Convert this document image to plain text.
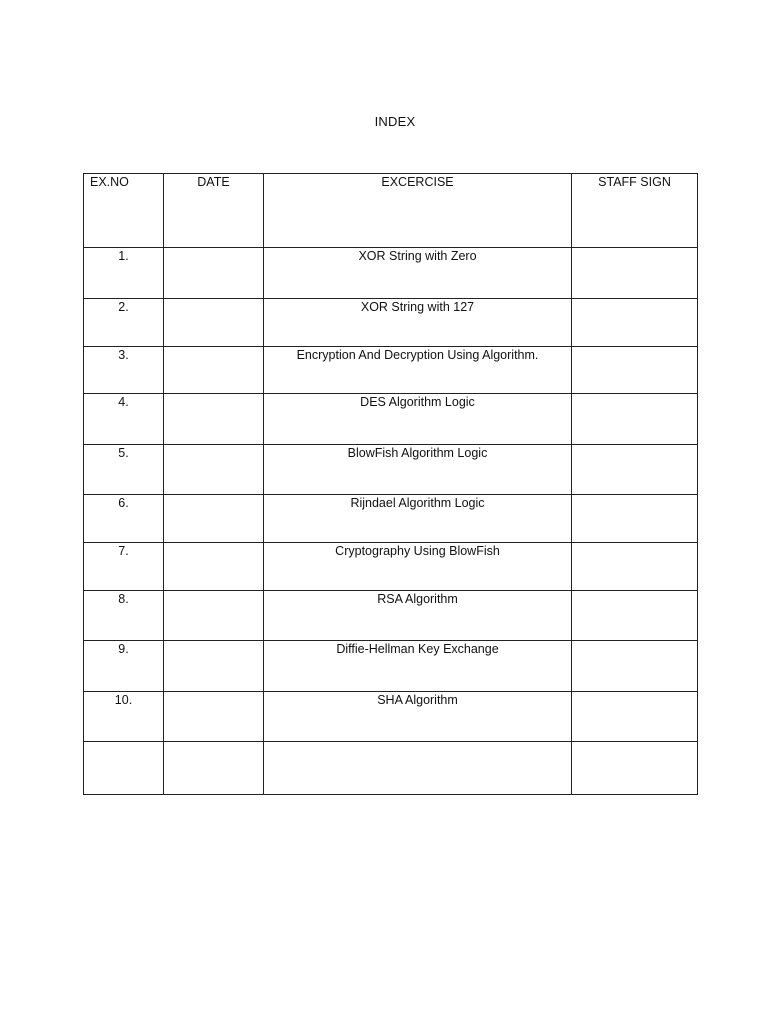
INDEX
EX.NO	DATE	EXCERCISE	STAFF SIGN
1.		XOR String with Zero	
2.		XOR String with 127	
3.		Encryption And Decryption Using Algorithm.	
4.		DES Algorithm Logic	
5.		BlowFish Algorithm Logic	
6.		Rijndael Algorithm Logic	
7.		Cryptography Using BlowFish	
8.		RSA Algorithm	
9.		Diffie-Hellman Key Exchange	
10.		SHA Algorithm	
